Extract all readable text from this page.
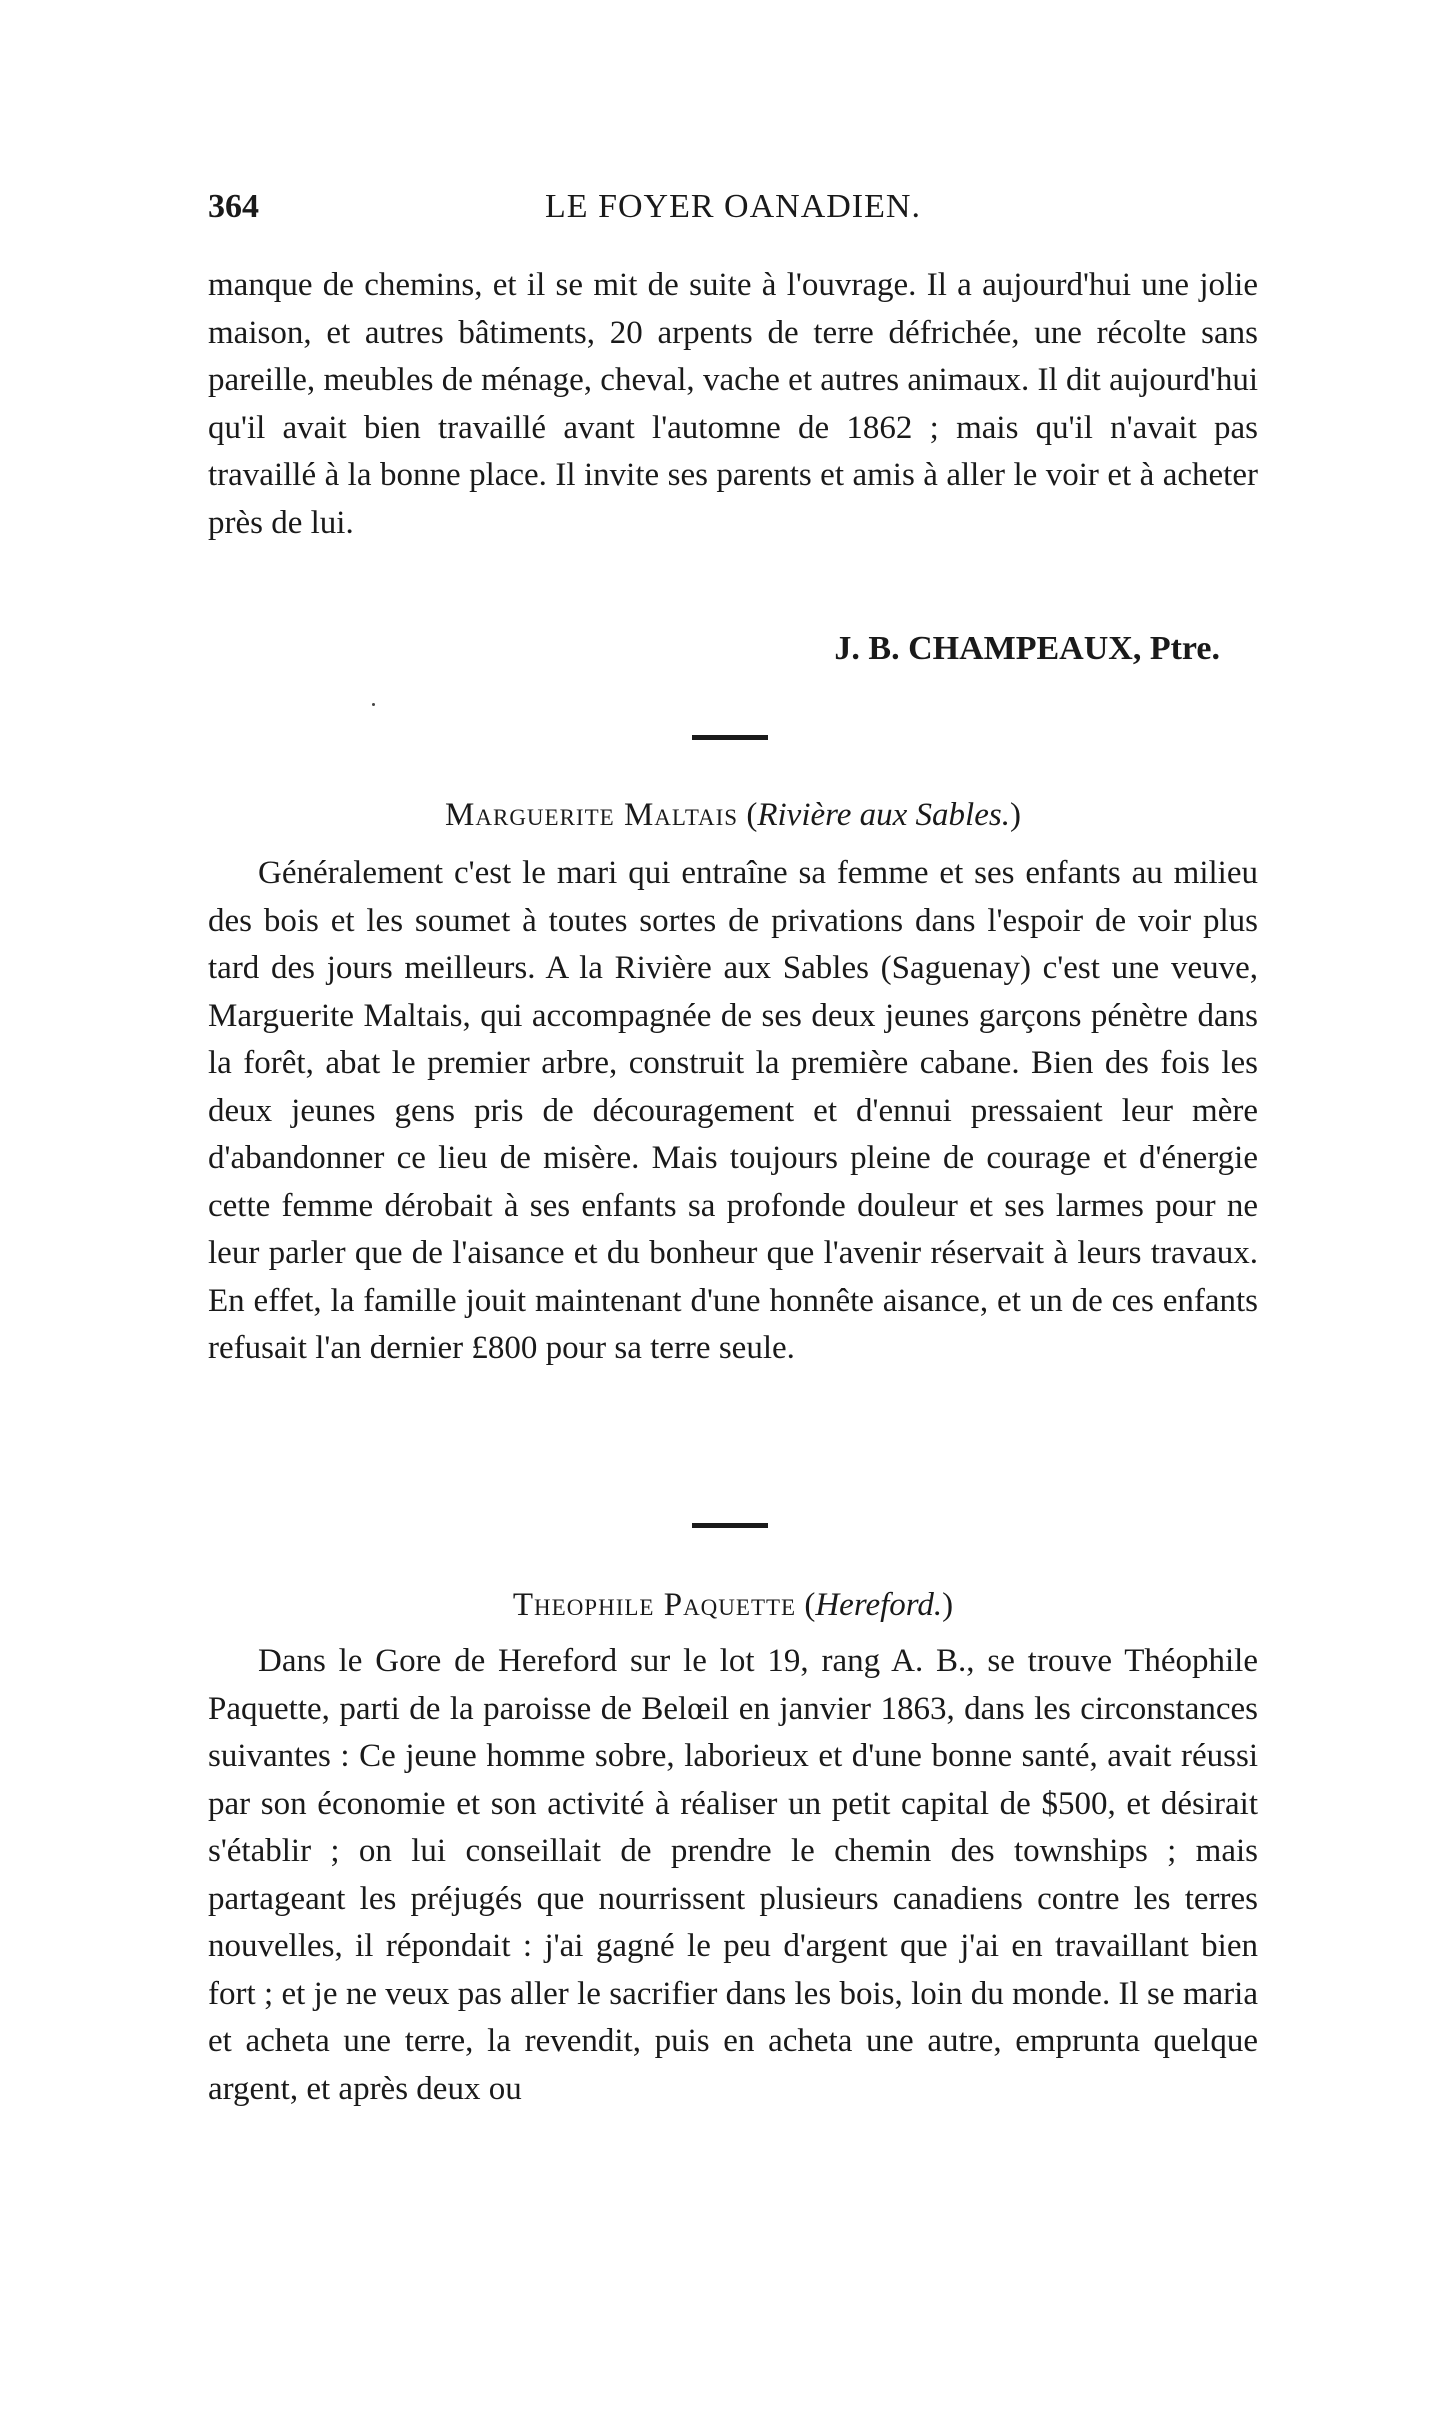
364	LE FOYER OANADIEN.

manque de chemins, et il se mit de suite à l'ouvrage. Il a aujourd'hui une jolie maison, et autres bâtiments, 20 arpents de terre défrichée, une récolte sans pareille, meubles de ménage, cheval, vache et autres animaux. Il dit aujourd'hui qu'il avait bien travaillé avant l'automne de 1862 ; mais qu'il n'avait pas travaillé à la bonne place. Il invite ses parents et amis à aller le voir et à acheter près de lui.

J. B. CHAMPEAUX, Ptre.
Marguerite Maltais (Rivière aux Sables.)

Généralement c'est le mari qui entraîne sa femme et ses enfants au milieu des bois et les soumet à toutes sortes de privations dans l'espoir de voir plus tard des jours meilleurs. A la Rivière aux Sables (Saguenay) c'est une veuve, Marguerite Maltais, qui accompagnée de ses deux jeunes garçons pénètre dans la forêt, abat le premier arbre, construit la première cabane. Bien des fois les deux jeunes gens pris de découragement et d'ennui pressaient leur mère d'abandonner ce lieu de misère. Mais toujours pleine de courage et d'énergie cette femme dérobait à ses enfants sa profonde douleur et ses larmes pour ne leur parler que de l'aisance et du bonheur que l'avenir réservait à leurs travaux. En effet, la famille jouit maintenant d'une honnête aisance, et un de ces enfants refusait l'an dernier £800 pour sa terre seule.

Theophile Paquette (Hereford.)

Dans le Gore de Hereford sur le lot 19, rang A. B., se trouve Théophile Paquette, parti de la paroisse de Belœil en janvier 1863, dans les circonstances suivantes : Ce jeune homme sobre, laborieux et d'une bonne santé, avait réussi par son économie et son activité à réaliser un petit capital de $500, et désirait s'établir ; on lui conseillait de prendre le chemin des townships ; mais partageant les préjugés que nourrissent plusieurs canadiens contre les terres nouvelles, il répondait : j'ai gagné le peu d'argent que j'ai en travaillant bien fort ; et je ne veux pas aller le sacrifier dans les bois, loin du monde. Il se maria et acheta une terre, la revendit, puis en acheta une autre, emprunta quelque argent, et après deux ou
